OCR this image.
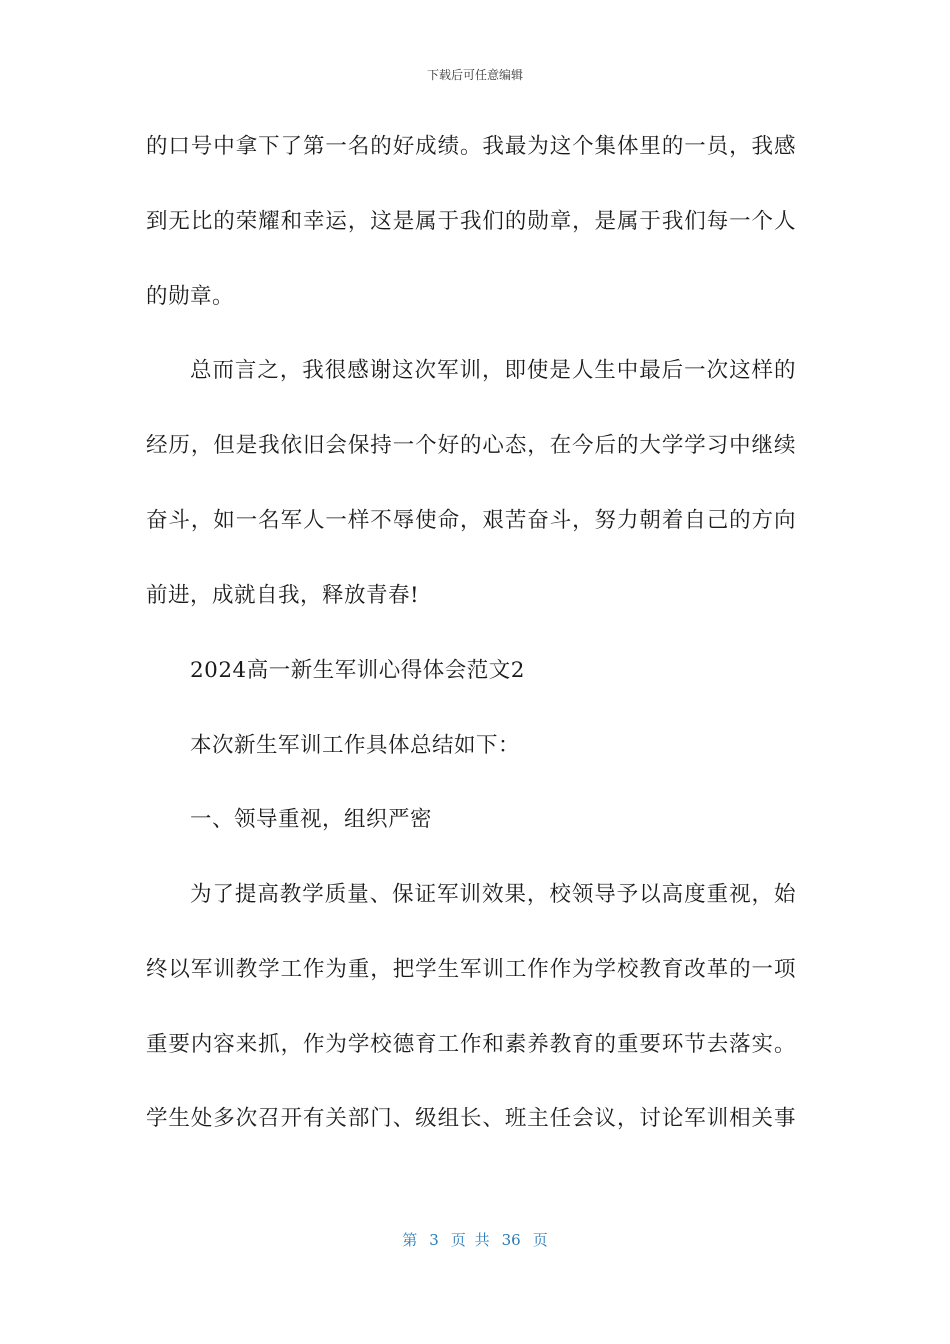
下载后可任意编辑
的口号中拿下了第一名的好成绩。我最为这个集体里的一员，我感
到无比的荣耀和幸运，这是属于我们的勋章，是属于我们每一个人
的勋章。
总而言之，我很感谢这次军训，即使是人生中最后一次这样的
经历，但是我依旧会保持一个好的心态，在今后的大学学习中继续
奋斗，如一名军人一样不辱使命，艰苦奋斗，努力朝着自己的方向
前进，成就自我，释放青春!
2024高一新生军训心得体会范文2
本次新生军训工作具体总结如下：
一、领导重视，组织严密
为了提高教学质量、保证军训效果，校领导予以高度重视，始
终以军训教学工作为重，把学生军训工作作为学校教育改革的一项
重要内容来抓，作为学校德育工作和素养教育的重要环节去落实。
学生处多次召开有关部门、级组长、班主任会议，讨论军训相关事
第 3 页 共 36 页
